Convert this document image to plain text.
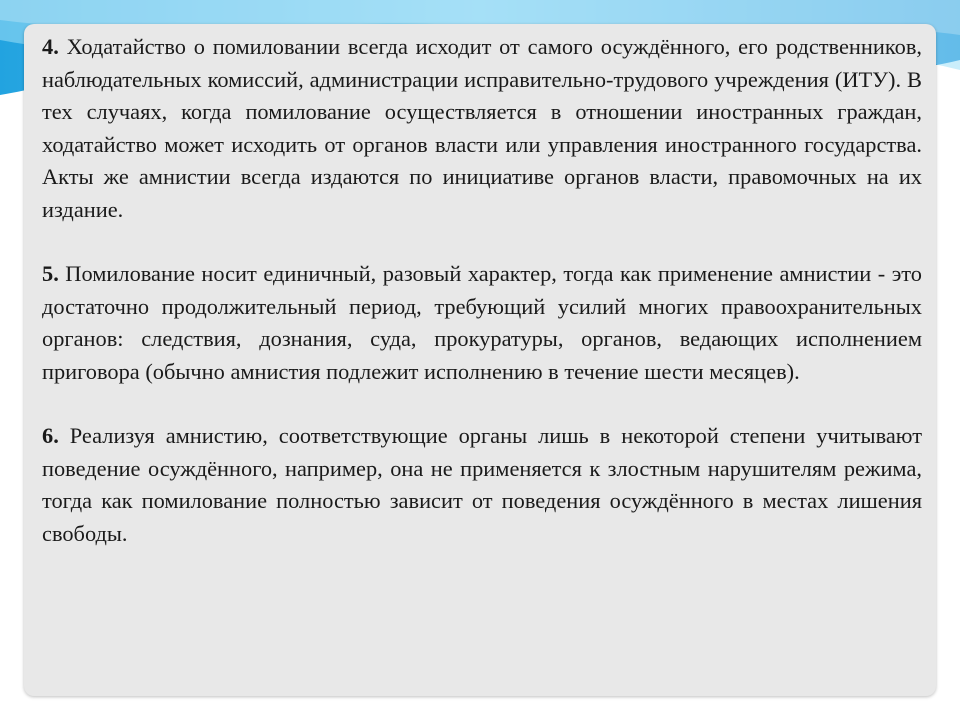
4. Ходатайство о помиловании всегда исходит от самого осуждённого, его родственников, наблюдательных комиссий, администрации исправительно-трудового учреждения (ИТУ). В тех случаях, когда помилование осуществляется в отношении иностранных граждан, ходатайство может исходить от органов власти или управления иностранного государства. Акты же амнистии всегда издаются по инициативе органов власти, правомочных на их издание.

5. Помилование носит единичный, разовый характер, тогда как применение амнистии - это достаточно продолжительный период, требующий усилий многих правоохранительных органов: следствия, дознания, суда, прокуратуры, органов, ведающих исполнением приговора (обычно амнистия подлежит исполнению в течение шести месяцев).

6. Реализуя амнистию, соответствующие органы лишь в некоторой степени учитывают поведение осуждённого, например, она не применяется к злостным нарушителям режима, тогда как помилование полностью зависит от поведения осуждённого в местах лишения свободы.
